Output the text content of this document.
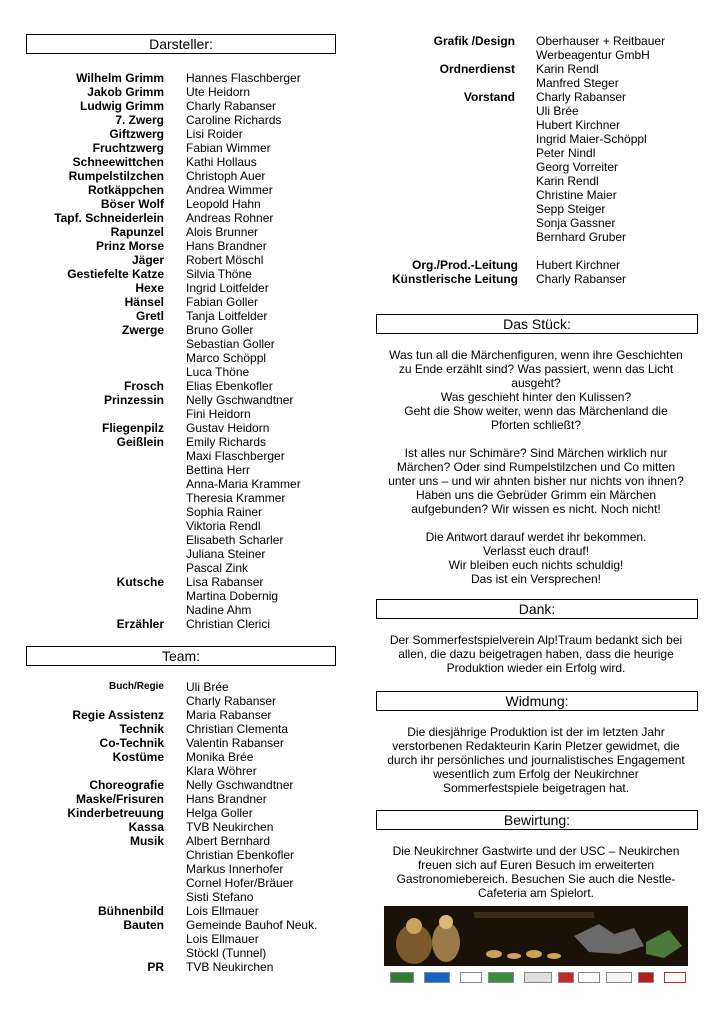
Darsteller:
Wilhelm Grimm Hannes Flaschberger
Jakob Grimm Ute Heidorn
Ludwig Grimm Charly Rabanser
7. Zwerg Caroline Richards
Giftzwerg Lisi Roider
Fruchtzwerg Fabian Wimmer
Schneewittchen Kathi Hollaus
Rumpelstilzchen Christoph Auer
Rotkäppchen Andrea Wimmer
Böser Wolf Leopold Hahn
Tapf. Schneiderlein Andreas Rohner
Rapunzel Alois Brunner
Prinz Morse Hans Brandner
Jäger Robert Möschl
Gestiefelte Katze Silvia Thöne
Hexe Ingrid Loitfelder
Hänsel Fabian Goller
Gretl Tanja Loitfelder
Zwerge Bruno Goller
Sebastian Goller
Marco Schöppl
Luca Thöne
Frosch Elias Ebenkofler
Prinzessin Nelly Gschwandtner
Fini Heidorn
Fliegenpilz Gustav Heidorn
Geißlein Emily Richards
Maxi Flaschberger
Bettina Herr
Anna-Maria Krammer
Theresia Krammer
Sophia Rainer
Viktoria Rendl
Elisabeth Scharler
Juliana Steiner
Pascal Zink
Kutsche Lisa Rabanser
Martina Dobernig
Nadine Ahm
Erzähler Christian Clerici
Team:
Buch/Regie Uli Brée
Charly Rabanser
Regie Assistenz Maria Rabanser
Technik Christian Clementa
Co-Technik Valentin Rabanser
Kostüme Monika Brée
Klara Wöhrer
Choreografie Nelly Gschwandtner
Maske/Frisuren Hans Brandner
Kinderbetreuung Helga Goller
Kassa TVB Neukirchen
Musik Albert Bernhard
Christian Ebenkofler
Markus Innerhofer
Cornel Hofer/Bräuer
Sisti Stefano
Bühnenbild Lois Ellmauer
Bauten Gemeinde Bauhof Neuk.
Lois Ellmauer
Stöckl (Tunnel)
PR TVB Neukirchen
Grafik /Design Oberhauser + Reitbauer
Werbeagentur GmbH
Ordnerdienst Karin Rendl
Manfred Steger
Vorstand Charly Rabanser
Uli Brée
Hubert Kirchner
Ingrid Maier-Schöppl
Peter Nindl
Georg Vorreiter
Karin Rendl
Christine Maier
Sepp Steiger
Sonja Gassner
Bernhard Gruber
Org./Prod.-Leitung Hubert Kirchner
Künstlerische Leitung Charly Rabanser
Das Stück:

Was tun all die Märchenfiguren, wenn ihre Geschichten

zu Ende erzählt sind? Was passiert, wenn das Licht

ausgeht?

Was geschieht hinter den Kulissen?

Geht die Show weiter, wenn das Märchenland die

Pforten schließt?

Ist alles nur Schimäre? Sind Märchen wirklich nur

Märchen? Oder sind Rumpelstilzchen und Co mitten

unter uns – und wir ahnten bisher nur nichts von ihnen?

Haben uns die Gebrüder Grimm ein Märchen

aufgebunden? Wir wissen es nicht. Noch nicht!

Die Antwort darauf werdet ihr bekommen.

Verlasst euch drauf!

Wir bleiben euch nichts schuldig!

Das ist ein Versprechen!

Dank:

Der Sommerfestspielverein Alp!Traum bedankt sich bei

allen, die dazu beigetragen haben, dass die heurige

Produktion wieder ein Erfolg wird.

Widmung:

Die diesjährige Produktion ist der im letzten Jahr

verstorbenen Redakteurin Karin Pletzer gewidmet, die

durch ihr persönliches und journalistisches Engagement

wesentlich zum Erfolg der Neukirchner

Sommerfestspiele beigetragen hat.

Bewirtung:

Die Neukirchner Gastwirte und der USC – Neukirchen

freuen sich auf Euren Besuch im erweiterten

Gastronomiebereich. Besuchen Sie auch die Nestle-

Cafeteria am Spielort.
